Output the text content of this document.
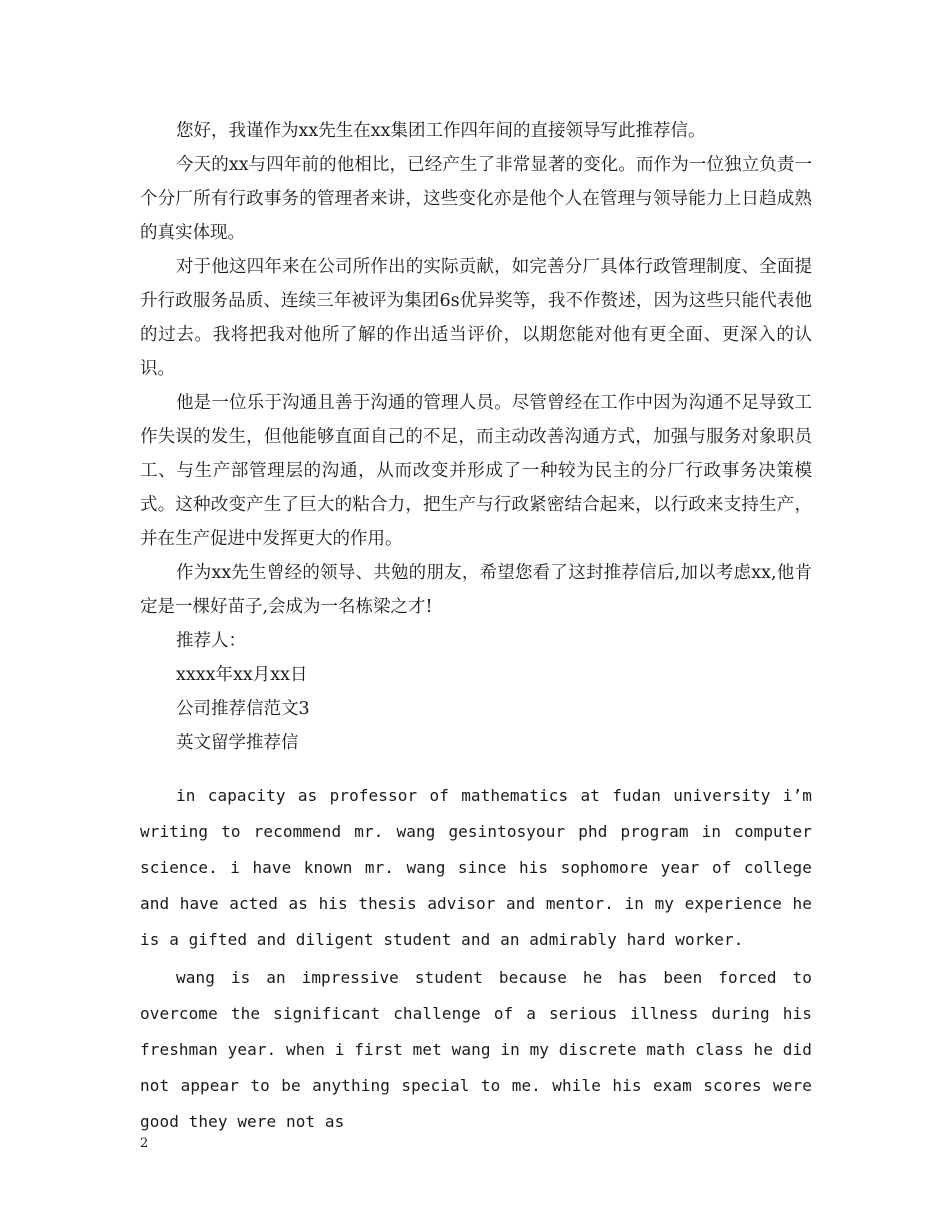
您好，我谨作为xx先生在xx集团工作四年间的直接领导写此推荐信。

今天的xx与四年前的他相比，已经产生了非常显著的变化。而作为一位独立负责一个分厂所有行政事务的管理者来讲，这些变化亦是他个人在管理与领导能力上日趋成熟的真实体现。

对于他这四年来在公司所作出的实际贡献，如完善分厂具体行政管理制度、全面提升行政服务品质、连续三年被评为集团6s优异奖等，我不作赘述，因为这些只能代表他的过去。我将把我对他所了解的作出适当评价，以期您能对他有更全面、更深入的认识。

他是一位乐于沟通且善于沟通的管理人员。尽管曾经在工作中因为沟通不足导致工作失误的发生，但他能够直面自己的不足，而主动改善沟通方式，加强与服务对象职员工、与生产部管理层的沟通，从而改变并形成了一种较为民主的分厂行政事务决策模式。这种改变产生了巨大的粘合力，把生产与行政紧密结合起来，以行政来支持生产，并在生产促进中发挥更大的作用。

作为xx先生曾经的领导、共勉的朋友，希望您看了这封推荐信后,加以考虑xx,他肯定是一棵好苗子,会成为一名栋梁之才!

推荐人：

xxxx年xx月xx日

公司推荐信范文3

英文留学推荐信

in capacity as professor of mathematics at fudan university i’m writing to recommend mr. wang gesintosyour phd program in computer science. i have known mr. wang since his sophomore year of college and have acted as his thesis advisor and mentor. in my experience he is a gifted and diligent student and an admirably hard worker.

wang is an impressive student because he has been forced to overcome the significant challenge of a serious illness during his freshman year. when i first met wang in my discrete math class he did not appear to be anything special to me. while his exam scores were good they were not as

2
